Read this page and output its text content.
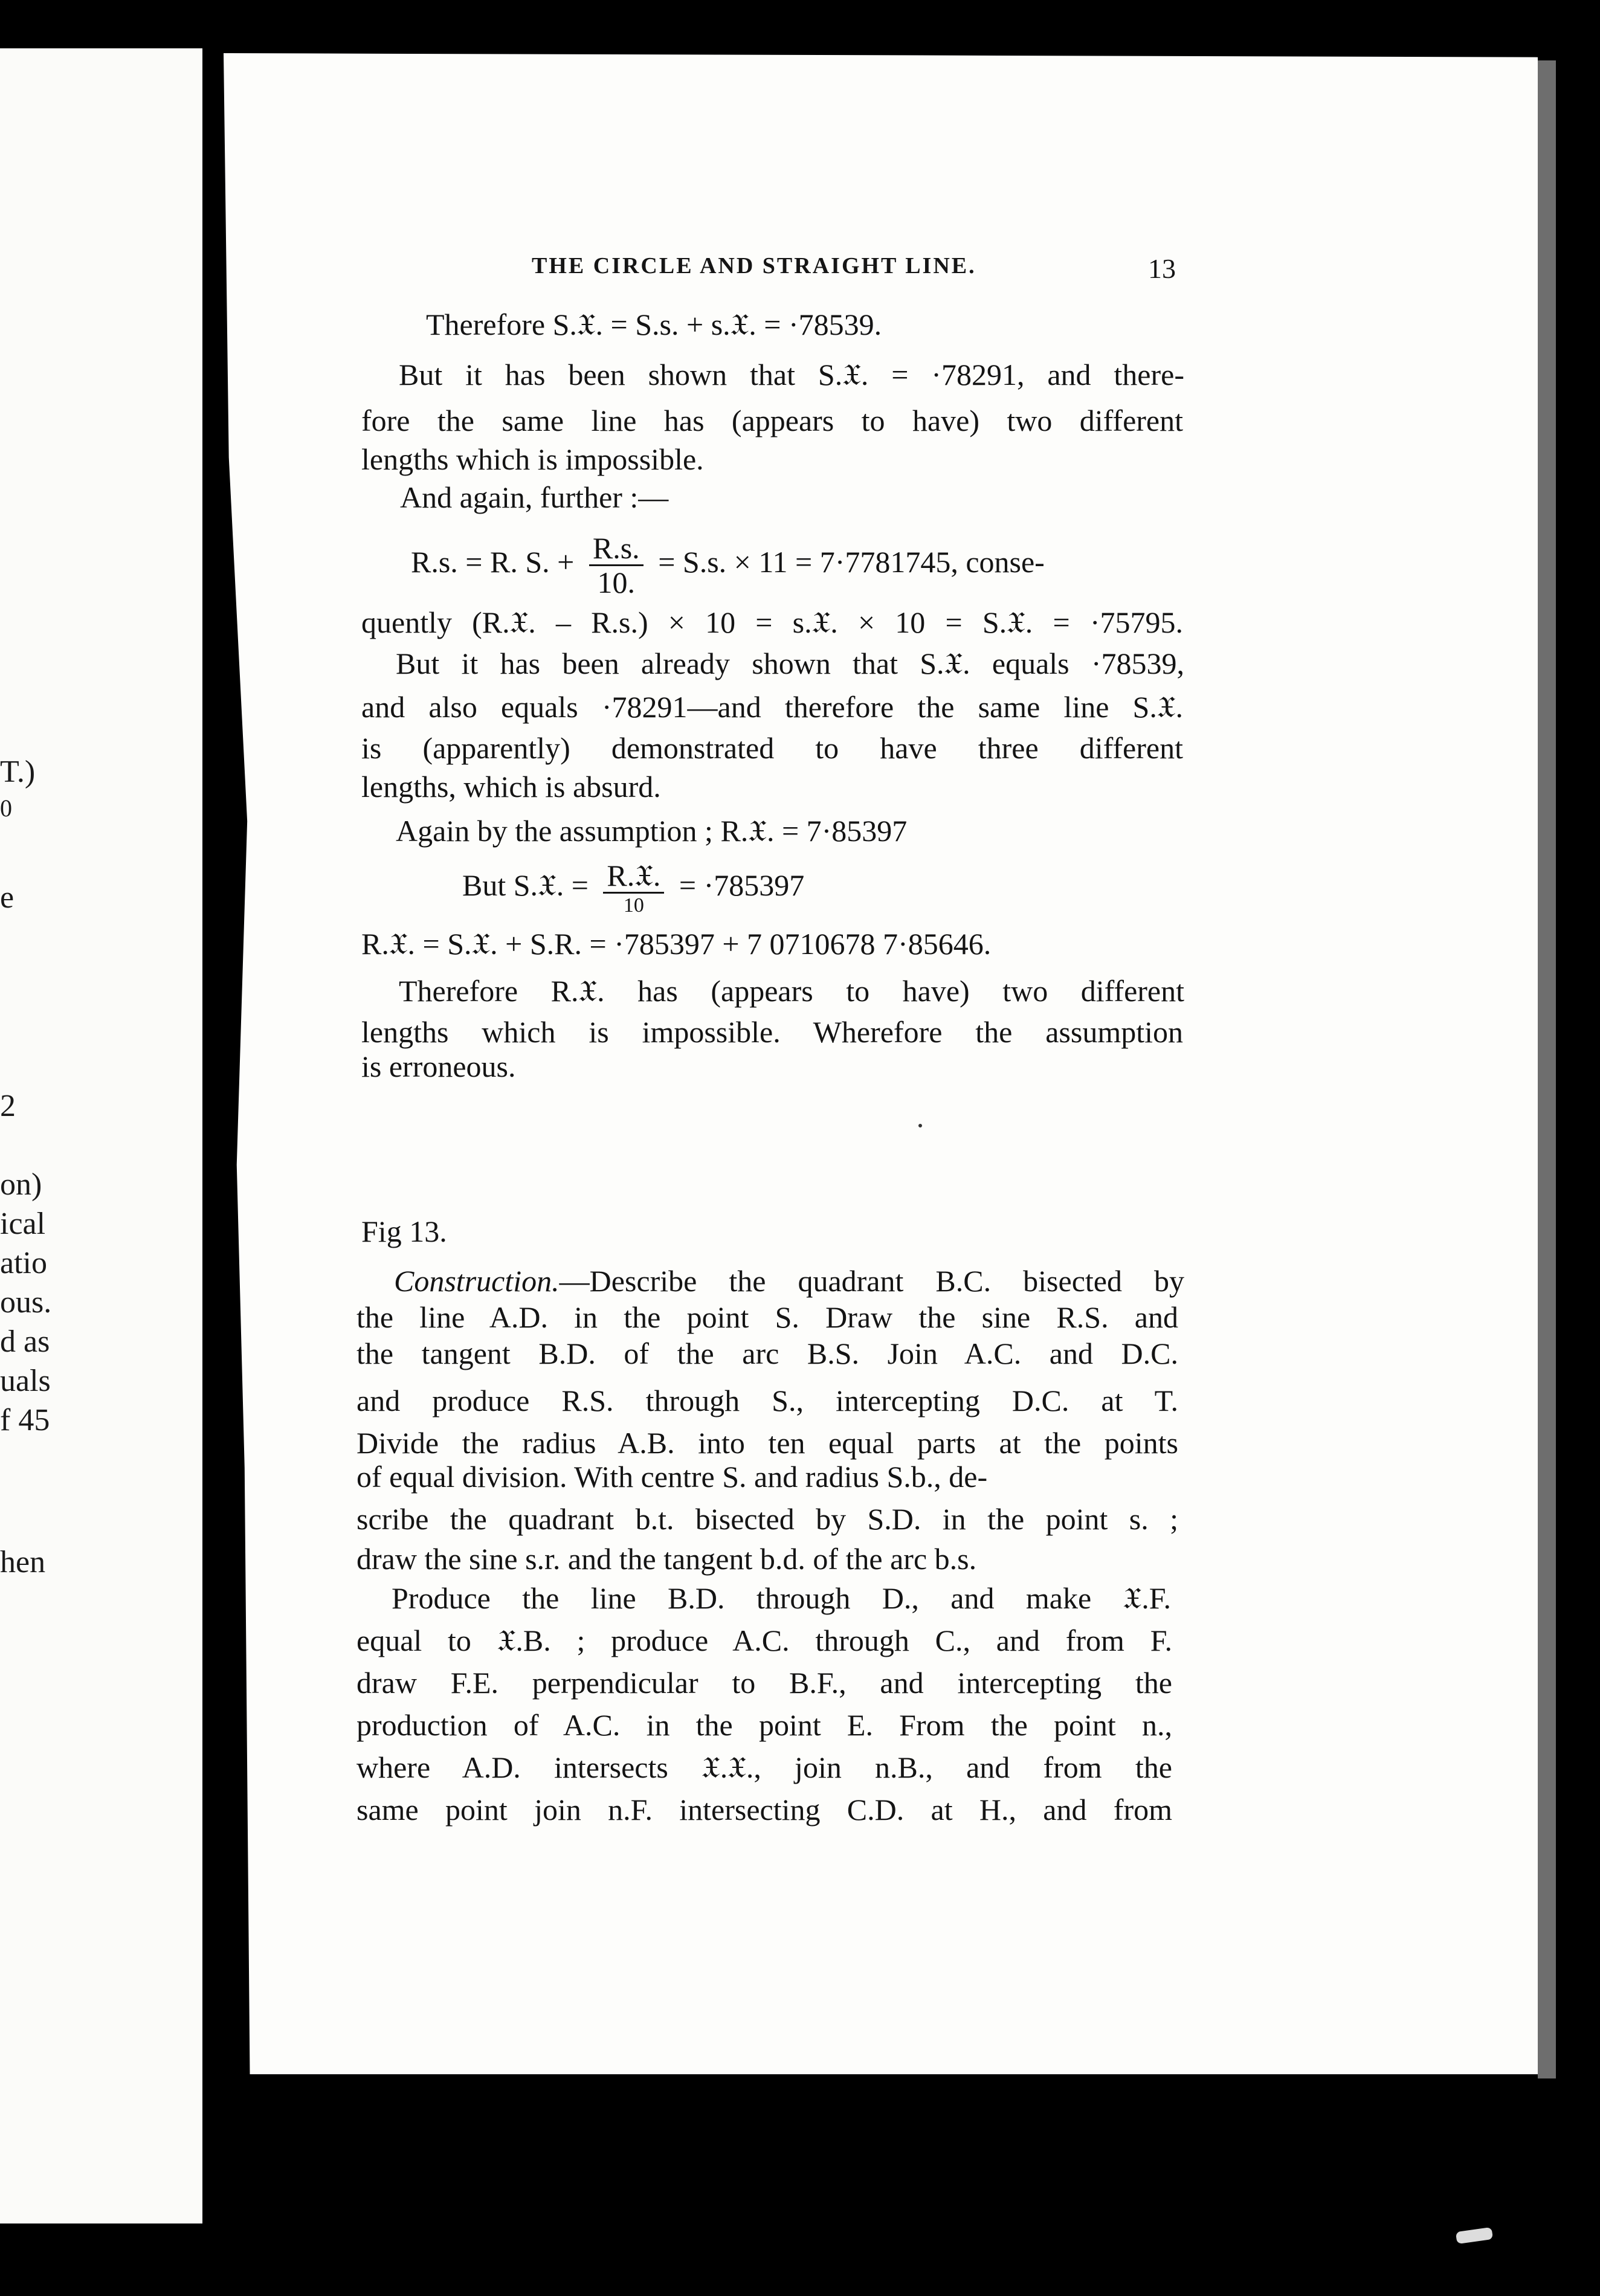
T.)
0
e
2
on)
ical
atio
ous.
d as
uals
f 45
hen
THE CIRCLE AND STRAIGHT LINE.	13
Therefore S.𝔛. = S.s. + s.𝔛. = ·78539.
But it has been shown that S.𝔛. = ·78291, and there-
fore the same line has (appears to have) two different
lengths which is impossible.
And again, further :—
R.s. = R. S. + $\frac{R.s.}{10.} = S.s$. × 11 = 7·7781745, conse-
quently (R.𝔛. – R.s.) × 10 = s.𝔛. × 10 = S.𝔛. = ·75795.
But it has been already shown that S.𝔛. equals ·78539,
and also equals ·78291—and therefore the same line S.𝔛.
is (apparently) demonstrated to have three different
lengths, which is absurd.
Again by the assumption ; R.𝔛. = 7·85397
But S.𝔛. = $\frac{\text{R.𝔛.}}{10} = \cdot 785397$
R.𝔛. = S.𝔛. + S.R. = ·785397 + 7 0710678 7·85646.
Therefore R.𝔛. has (appears to have) two different
lengths which is impossible. Wherefore the assumption
is erroneous.
Fig 13.
Construction.—Describe the quadrant B.C. bisected by
the line A.D. in the point S. Draw the sine R.S. and
the tangent B.D. of the arc B.S. Join A.C. and D.C.
and produce R.S. through S., intercepting D.C. at T.
Divide the radius A.B. into ten equal parts at the points
of equal division. With centre S. and radius S.b., de-
scribe the quadrant b.t. bisected by S.D. in the point s. ;
draw the sine s.r. and the tangent b.d. of the arc b.s.
Produce the line B.D. through D., and make 𝔛.F.
equal to 𝔛.B. ; produce A.C. through C., and from F.
draw F.E. perpendicular to B.F., and intercepting the
production of A.C. in the point E. From the point n.,
where A.D. intersects 𝔛.𝔛., join n.B., and from the
same point join n.F. intersecting C.D. at H., and from
